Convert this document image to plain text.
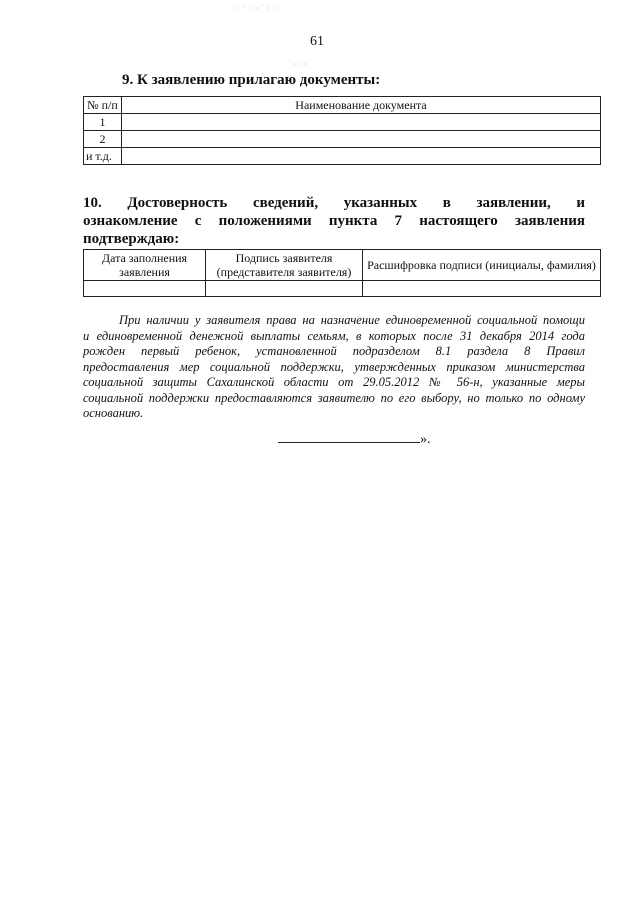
61
· ˙ · ·˙ · ·
˙·· ·
9. К заявлению прилагаю документы:
№ п/п	Наименование документа
1	
2	
и т.д.	
10. Достоверность сведений, указанных в заявлении, и
ознакомление с положениями пункта 7 настоящего заявления
подтверждаю:
Дата заполнения заявления	Подпись заявителя (представителя заявителя)	Расшифровка подписи (инициалы, фамилия)

При наличии у заявителя права на назначение единовременной социальной помощи
и единовременной денежной выплаты семьям, в которых после 31 декабря 2014 года
рожден первый ребенок, установленной подразделом 8.1 раздела 8 Правил
предоставления мер социальной поддержки, утвержденных приказом министерства
социальной защиты Сахалинской области от 29.05.2012 № 56-н, указанные меры
социальной поддержки предоставляются заявителю по его выбору, но только по одному
основанию.
».
